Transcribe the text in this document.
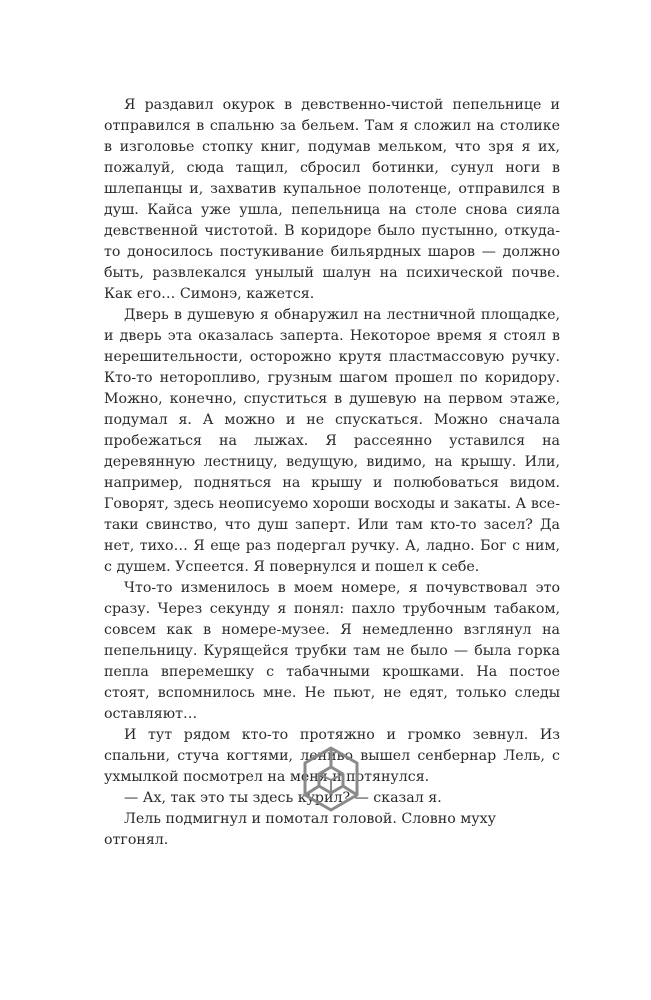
Я раздавил окурок в девственно-чистой пепельнице и отправился в спальню за бельем. Там я сложил на столике в изголовье стопку книг, подумав мельком, что зря я их, пожалуй, сюда тащил, сбросил ботинки, сунул ноги в шлепанцы и, захватив купальное полотенце, отправился в душ. Кайса уже ушла, пепельница на столе снова сияла девственной чистотой. В коридоре было пустынно, откуда-то доносилось постукивание бильярдных шаров — должно быть, развлекался унылый шалун на психической почве. Как его… Симонэ, кажется.

Дверь в душевую я обнаружил на лестничной площадке, и дверь эта оказалась заперта. Некоторое время я стоял в нерешительности, осторожно крутя пластмассовую ручку. Кто-то неторопливо, грузным шагом прошел по коридору. Можно, конечно, спуститься в душевую на первом этаже, подумал я. А можно и не спускаться. Можно сначала пробежаться на лыжах. Я рассеянно уставился на деревянную лестницу, ведущую, видимо, на крышу. Или, например, подняться на крышу и полюбоваться видом. Говорят, здесь неописуемо хороши восходы и закаты. А все-таки свинство, что душ заперт. Или там кто-то засел? Да нет, тихо… Я еще раз подергал ручку. А, ладно. Бог с ним, с душем. Успеется. Я повернулся и пошел к себе.

Что-то изменилось в моем номере, я почувствовал это сразу. Через секунду я понял: пахло трубочным табаком, совсем как в номере-музее. Я немедленно взглянул на пепельницу. Курящейся трубки там не было — была горка пепла вперемешку с табачными крошками. На постое стоят, вспомнилось мне. Не пьют, не едят, только следы оставляют…

И тут рядом кто-то протяжно и громко зевнул. Из спальни, стуча когтями, лениво вышел сенбернар Лель, с ухмылкой посмотрел на меня и потянулся.

— Ах, так это ты здесь курил? — сказал я.

Лель подмигнул и помотал головой. Словно муху отгонял.
